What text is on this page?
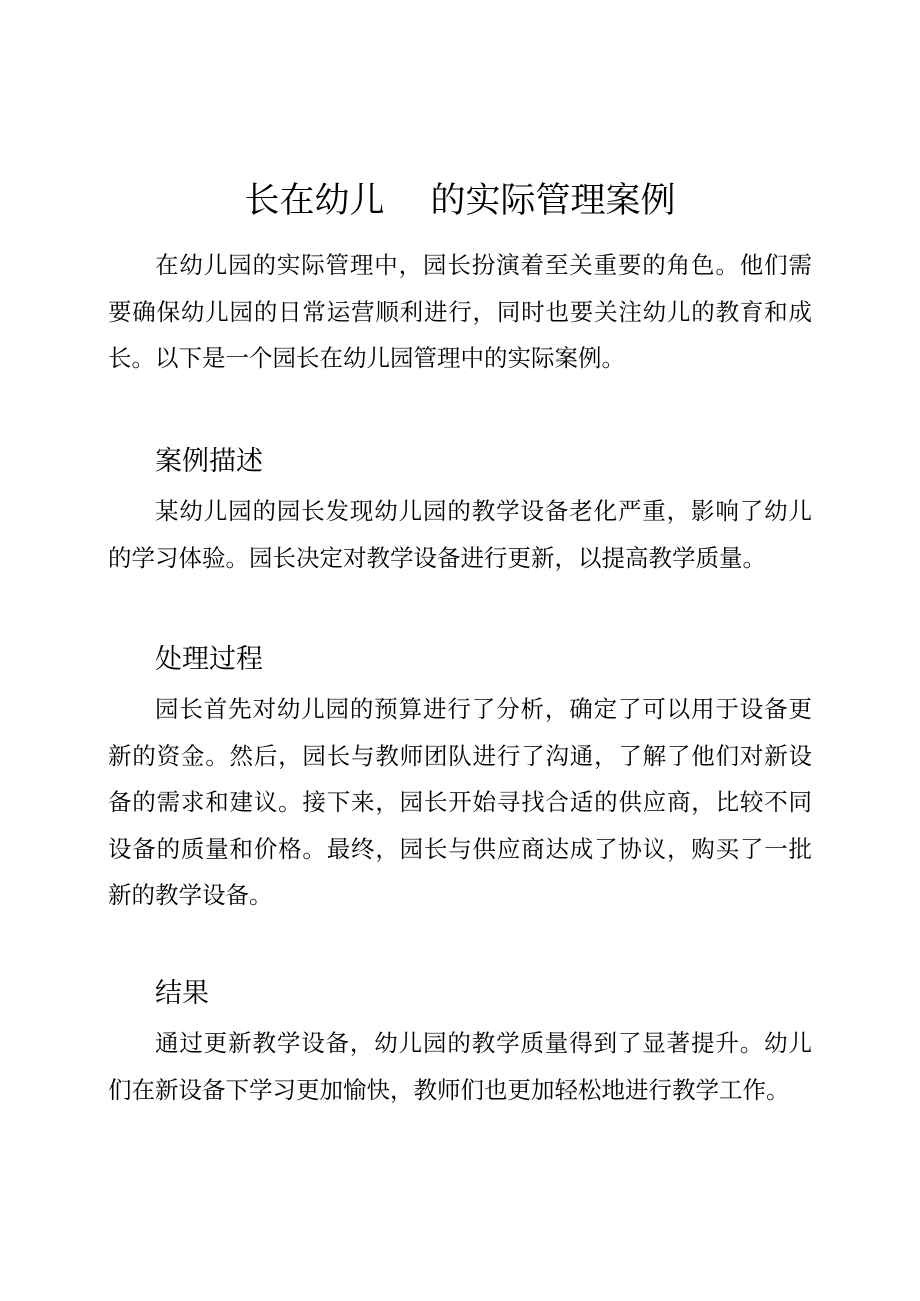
长在幼儿 的实际管理案例

在幼儿园的实际管理中，园长扮演着至关重要的角色。他们需要确保幼儿园的日常运营顺利进行，同时也要关注幼儿的教育和成长。以下是一个园长在幼儿园管理中的实际案例。

案例描述

某幼儿园的园长发现幼儿园的教学设备老化严重，影响了幼儿的学习体验。园长决定对教学设备进行更新，以提高教学质量。

处理过程

园长首先对幼儿园的预算进行了分析，确定了可以用于设备更新的资金。然后，园长与教师团队进行了沟通，了解了他们对新设备的需求和建议。接下来，园长开始寻找合适的供应商，比较不同设备的质量和价格。最终，园长与供应商达成了协议，购买了一批新的教学设备。

结果

通过更新教学设备，幼儿园的教学质量得到了显著提升。幼儿们在新设备下学习更加愉快，教师们也更加轻松地进行教学工作。
